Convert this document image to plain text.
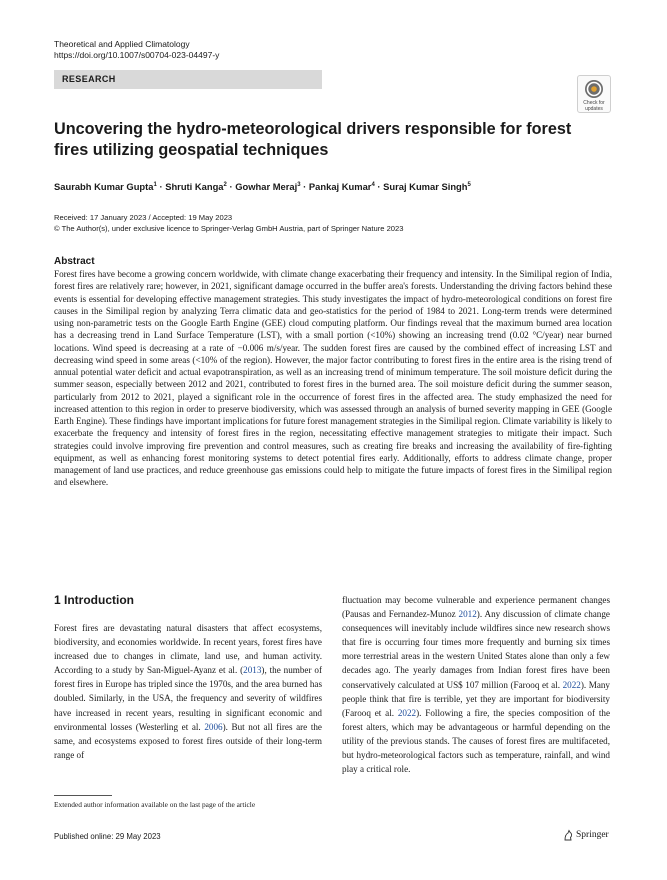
Theoretical and Applied Climatology
https://doi.org/10.1007/s00704-023-04497-y
RESEARCH
Check for updates
Uncovering the hydro-meteorological drivers responsible for forest fires utilizing geospatial techniques
Saurabh Kumar Gupta$^1$ · Shruti Kanga$^2$ · Gowhar Meraj$^3$ · Pankaj Kumar$^4$ · Suraj Kumar Singh$^5$
Received: 17 January 2023 / Accepted: 19 May 2023
© The Author(s), under exclusive licence to Springer-Verlag GmbH Austria, part of Springer Nature 2023
Abstract
Forest fires have become a growing concern worldwide, with climate change exacerbating their frequency and intensity. In the Similipal region of India, forest fires are relatively rare; however, in 2021, significant damage occurred in the buffer area's forests. Understanding the driving factors behind these events is essential for developing effective management strategies. This study investigates the impact of hydro-meteorological conditions on forest fire causes in the Similipal region by analyzing Terra climatic data and geo-statistics for the period of 1984 to 2021. Long-term trends were determined using non-parametric tests on the Google Earth Engine (GEE) cloud computing platform. Our findings reveal that the maximum burned area location has a decreasing trend in Land Surface Temperature (LST), with a small portion (<10%) showing an increasing trend (0.02 °C/year) near burned locations. Wind speed is decreasing at a rate of −0.006 m/s/year. The sudden forest fires are caused by the combined effect of increasing LST and decreasing wind speed in some areas (<10% of the region). However, the major factor contributing to forest fires in the entire area is the rising trend of annual potential water deficit and actual evapotranspiration, as well as an increasing trend of minimum temperature. The soil moisture deficit during the summer season, especially between 2012 and 2021, contributed to forest fires in the burned area. The soil moisture deficit during the summer season, particularly from 2012 to 2021, played a significant role in the occurrence of forest fires in the affected area. The study emphasized the need for increased attention to this region in order to preserve biodiversity, which was assessed through an analysis of burned severity mapping in GEE (Google Earth Engine). These findings have important implications for future forest management strategies in the Similipal region. Climate variability is likely to exacerbate the frequency and intensity of forest fires in the region, necessitating effective management strategies to mitigate their impact. Such strategies could involve improving fire prevention and control measures, such as creating fire breaks and increasing the availability of fire-fighting equipment, as well as enhancing forest monitoring systems to detect potential fires early. Additionally, efforts to address climate change, proper management of land use practices, and reduce greenhouse gas emissions could help to mitigate the future impacts of forest fires in the Similipal region and elsewhere.
1 Introduction
Forest fires are devastating natural disasters that affect ecosystems, biodiversity, and economies worldwide. In recent years, forest fires have increased due to changes in climate, land use, and human activity. According to a study by San-Miguel-Ayanz et al. (2013), the number of forest fires in Europe has tripled since the 1970s, and the area burned has doubled. Similarly, in the USA, the frequency and severity of wildfires have increased in recent years, resulting in significant economic and environmental losses (Westerling et al. 2006). But not all fires are the same, and ecosystems exposed to forest fires outside of their long-term range of
fluctuation may become vulnerable and experience permanent changes (Pausas and Fernandez-Munoz 2012). Any discussion of climate change consequences will inevitably include wildfires since new research shows that fire is occurring four times more frequently and burning six times more terrestrial areas in the western United States alone than only a few decades ago. The yearly damages from Indian forest fires have been conservatively calculated at US$ 107 million (Farooq et al. 2022). Many people think that fire is terrible, yet they are important for biodiversity (Farooq et al. 2022). Following a fire, the species composition of the forest alters, which may be advantageous or harmful depending on the utility of the previous stands. The causes of forest fires are multifaceted, but hydro-meteorological factors such as temperature, rainfall, and wind play a critical role.
Extended author information available on the last page of the article
Published online: 29 May 2023	Springer
